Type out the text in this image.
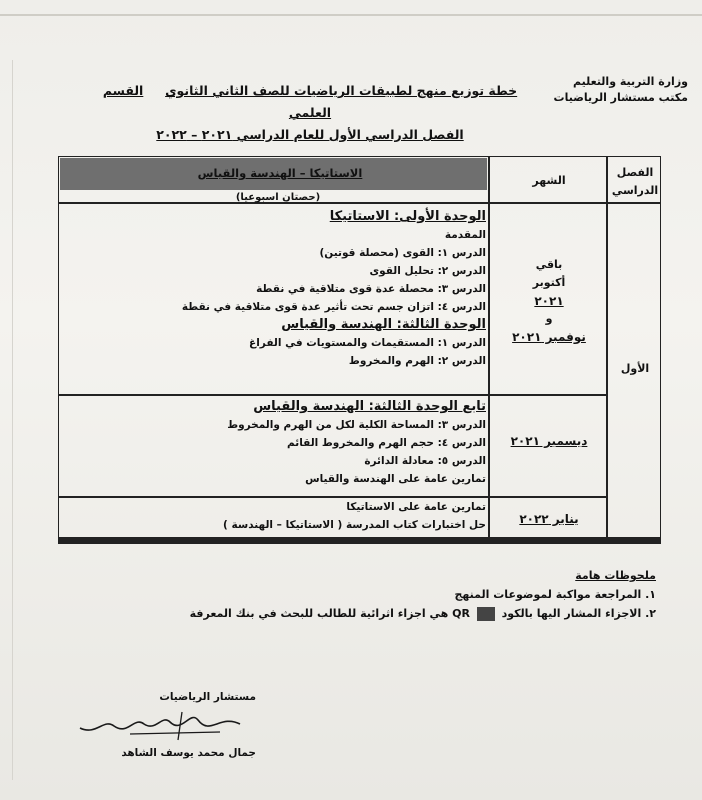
وزارة التربية والتعليم
مكتب مستشار الرياضيات
خطة توزيع منهج لطبيقات الرياضيات للصف الثاني الثانوي     القسم العلمي
الفصل الدراسي الأول للعام الدراسي ٢٠٢١ – ٢٠٢٢
الاستاتيكا – الهندسة والقياس
(حصتان اسبوعيا)
الشهر
الفصل الدراسي
الأول
باقي
أكتوبر
٢٠٢١
و
نوفمبر ٢٠٢١
الوحدة الأولى: الاستاتيكا
المقدمة
الدرس ١: القوى (محصلة قوتين)
الدرس ٢: تحليل القوى
الدرس ٣: محصلة عدة قوى متلاقية في نقطة
الدرس ٤: اتزان جسم تحت تأثير عدة قوى متلاقية في نقطة
الوحدة الثالثة: الهندسة والقياس
الدرس ١: المستقيمات والمستويات في الفراغ
الدرس ٢: الهرم والمخروط
ديسمبر ٢٠٢١
تابع الوحدة الثالثة: الهندسة والقياس
الدرس ٣: المساحة الكلية لكل من الهرم والمخروط
الدرس ٤: حجم الهرم والمخروط القائم
الدرس ٥: معادلة الدائرة
تمارين عامة على الهندسة والقياس
يناير ٢٠٢٢
تمارين عامة على الاستاتيكا
حل اختبارات كتاب المدرسة ( الاستاتيكا – الهندسة )
ملحوظات هامة
١. المراجعة مواكبة لموضوعات المنهج
٢. الاجزاء المشار اليها بالكود  QR هي اجزاء اثرائية للطالب للبحث في بنك المعرفة
مستشار الرياضيات
جمال محمد يوسف الشاهد
